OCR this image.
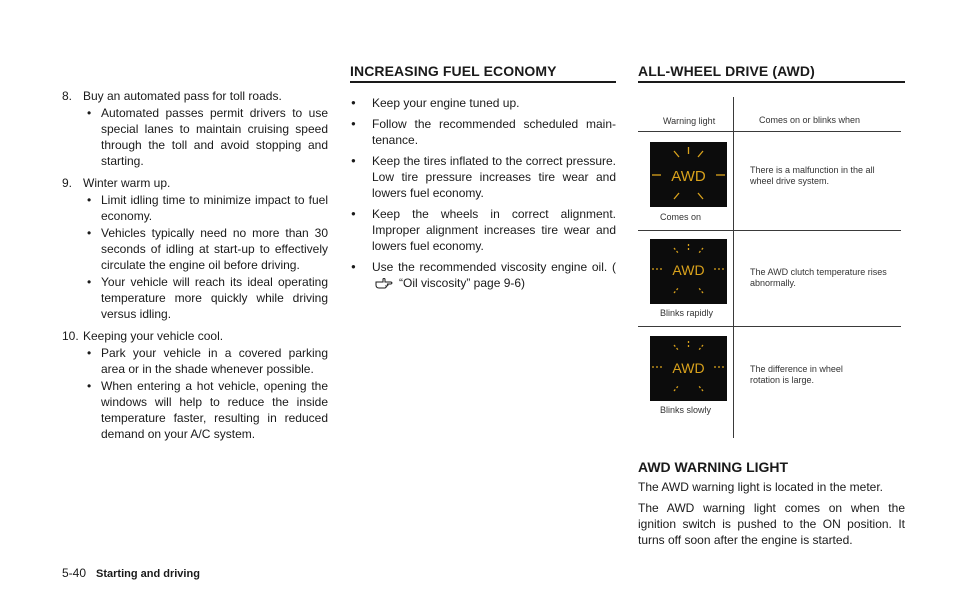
8. Buy an automated pass for toll roads.
• Automated passes permit drivers to use special lanes to maintain cruising speed through the toll and avoid stopping and starting.
9. Winter warm up.
• Limit idling time to minimize impact to fuel economy.
• Vehicles typically need no more than 30 seconds of idling at start-up to effectively circulate the engine oil before driving.
• Your vehicle will reach its ideal operating temperature more quickly while driving versus idling.
10. Keeping your vehicle cool.
• Park your vehicle in a covered parking area or in the shade whenever possible.
• When entering a hot vehicle, opening the windows will help to reduce the inside temperature faster, resulting in reduced demand on your A/C system.
INCREASING FUEL ECONOMY
● Keep your engine tuned up.
● Follow the recommended scheduled main-tenance.
● Keep the tires inflated to the correct pressure. Low tire pressure increases tire wear and lowers fuel economy.
● Keep the wheels in correct alignment. Improper alignment increases tire wear and lowers fuel economy.
● Use the recommended viscosity engine oil. (“Oil viscosity” page 9-6)
ALL-WHEEL DRIVE (AWD)
Warning light	Comes on or blinks when
AWD
Comes on
There is a malfunction in the all wheel drive system.
AWD
Blinks rapidly
The AWD clutch temperature rises abnormally.
AWD
Blinks slowly
The difference in wheel rotation is large.
AWD WARNING LIGHT

The AWD warning light is located in the meter.

The AWD warning light comes on when the ignition switch is pushed to the ON position. It turns off soon after the engine is started.

5-40 Starting and driving
